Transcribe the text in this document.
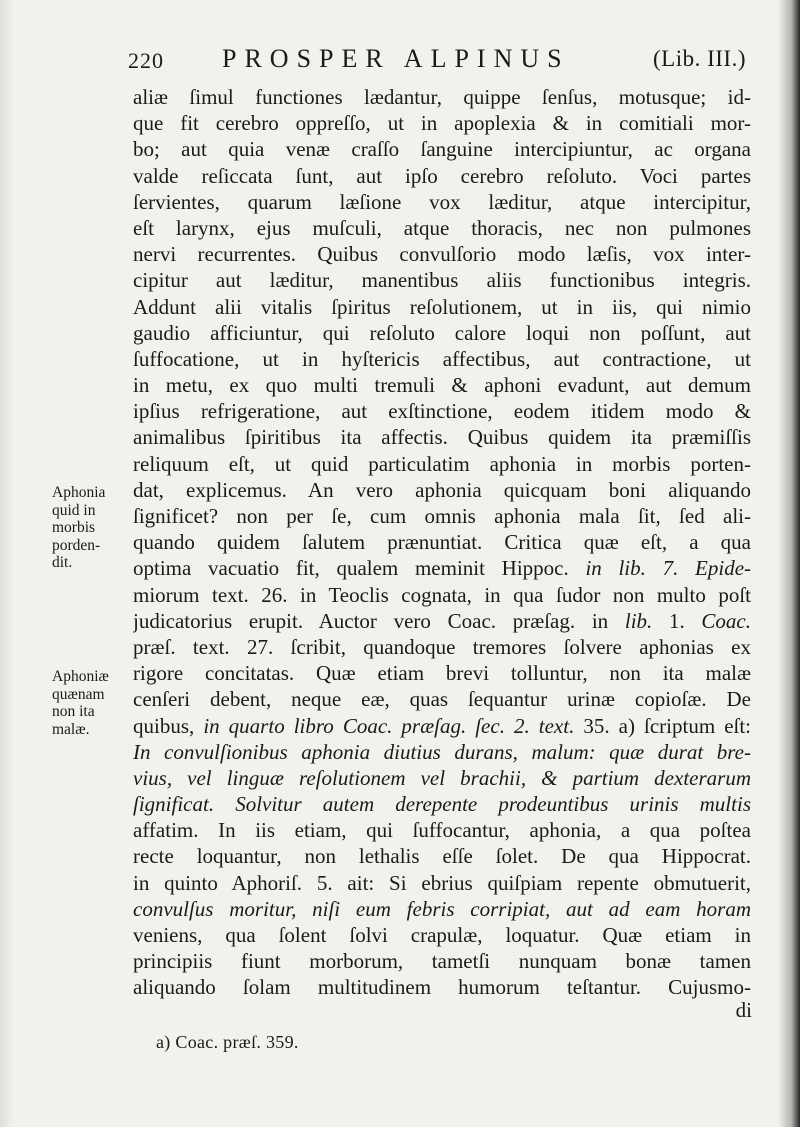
220 PROSPER ALPINUS	(Lib. III.)
aliæ ſimul functiones lædantur, quippe ſenſus, motusque; id-
que fit cerebro oppreſſo, ut in apoplexia & in comitiali mor-
bo; aut quia venæ craſſo ſanguine intercipiuntur, ac organa
valde reſiccata ſunt, aut ipſo cerebro reſoluto. Voci partes
ſervientes, quarum læſione vox læditur, atque intercipitur,
eſt larynx, ejus muſculi, atque thoracis, nec non pulmones
nervi recurrentes. Quibus convulſorio modo læſis, vox inter-
cipitur aut læditur, manentibus aliis functionibus integris.
Addunt alii vitalis ſpiritus reſolutionem, ut in iis, qui nimio
gaudio afficiuntur, qui reſoluto calore loqui non poſſunt, aut
ſuffocatione, ut in hyſtericis affectibus, aut contractione, ut
in metu, ex quo multi tremuli & aphoni evadunt, aut demum
ipſius refrigeratione, aut exſtinctione, eodem itidem modo &
animalibus ſpiritibus ita affectis. Quibus quidem ita præmiſſis
reliquum eſt, ut quid particulatim aphonia in morbis porten-
dat, explicemus. An vero aphonia quicquam boni aliquando
ſignificet? non per ſe, cum omnis aphonia mala ſit, ſed ali-
quando quidem ſalutem prænuntiat. Critica quæ eſt, a qua
optima vacuatio fit, qualem meminit Hippoc. in lib. 7. Epide-
miorum text. 26. in Teoclis cognata, in qua ſudor non multo poſt
judicatorius erupit. Auctor vero Coac. præſag. in lib. 1. Coac.
præſ. text. 27. ſcribit, quandoque tremores ſolvere aphonias ex
rigore concitatas. Quæ etiam brevi tolluntur, non ita malæ
cenſeri debent, neque eæ, quas ſequantur urinæ copioſæ. De
quibus, in quarto libro Coac. præſag. ſec. 2. text. 35. a) ſcriptum eſt:
In convulſionibus aphonia diutius durans, malum: quæ durat bre-
vius, vel linguæ reſolutionem vel brachii, & partium dexterarum
ſignificat. Solvitur autem derepente prodeuntibus urinis multis
affatim. In iis etiam, qui ſuffocantur, aphonia, a qua poſtea
recte loquantur, non lethalis eſſe ſolet. De qua Hippocrat.
in quinto Aphoriſ. 5. ait: Si ebrius quiſpiam repente obmutuerit,
convulſus moritur, niſi eum febris corripiat, aut ad eam horam
veniens, qua ſolent ſolvi crapulæ, loquatur. Quæ etiam in
principiis fiunt morborum, tametſi nunquam bonæ tamen
aliquando ſolam multitudinem humorum teſtantur. Cujusmo-
Aphonia
quid in
morbis
porden-
dit.
Aphoniæ
quænam
non ita
malæ.
di
a) Coac. præſ. 359.
